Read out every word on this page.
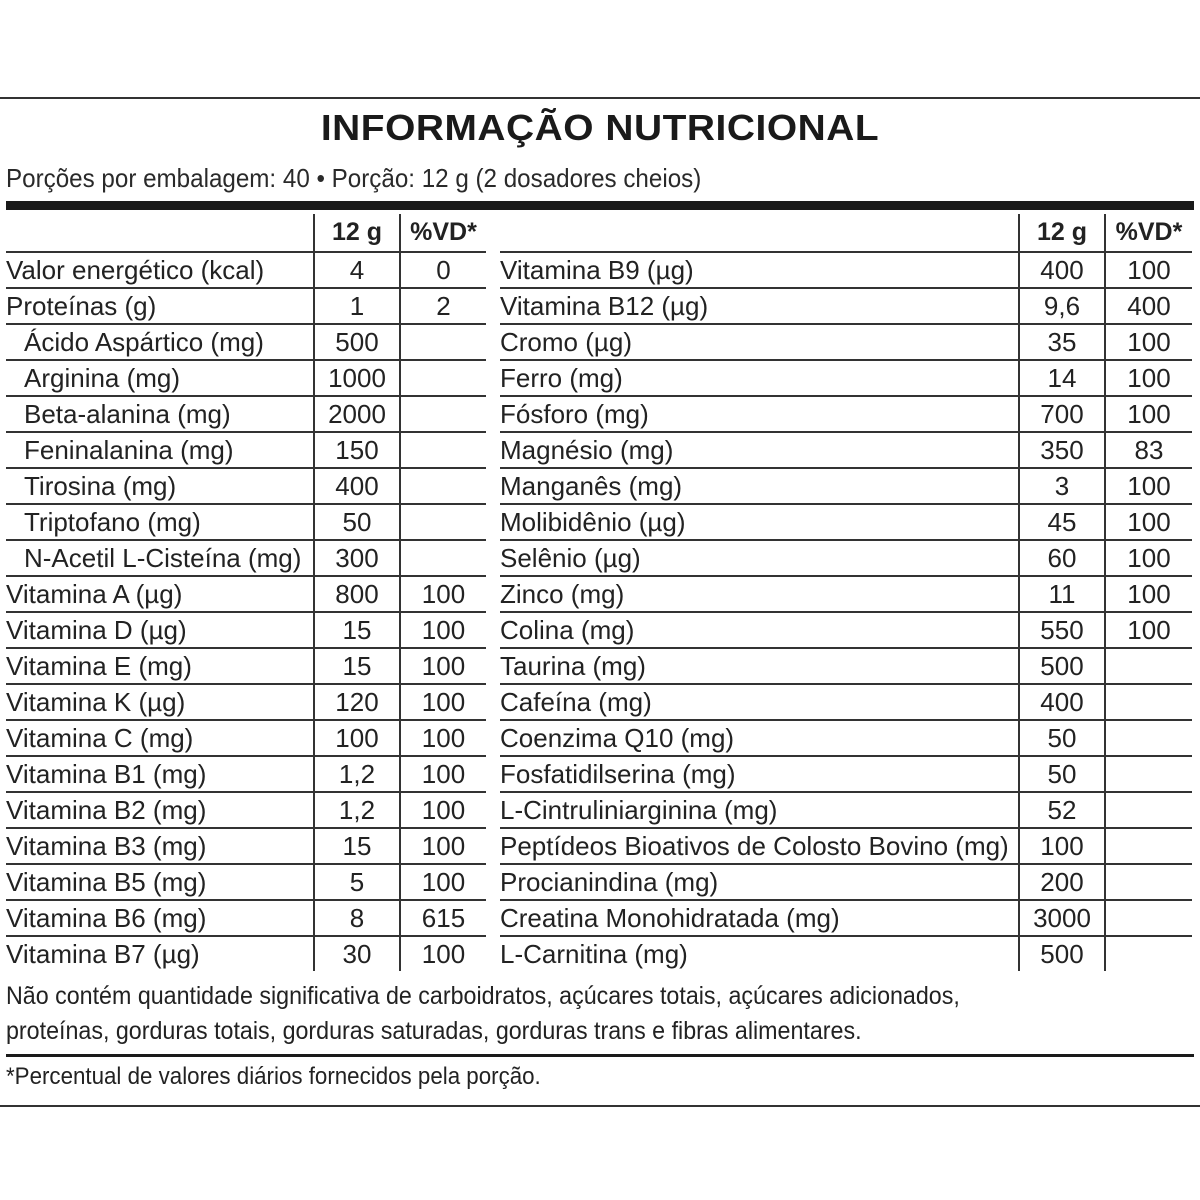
INFORMAÇÃO NUTRICIONAL
Porções por embalagem: 40 • Porção: 12 g (2 dosadores cheios)
	12 g	%VD*
Valor energético (kcal)	4	0
Proteínas (g)	1	2
Ácido Aspártico (mg)	500	
Arginina (mg)	1000	
Beta-alanina (mg)	2000	
Feninalanina (mg)	150	
Tirosina (mg)	400	
Triptofano (mg)	50	
N-Acetil L-Cisteína (mg)	300	
Vitamina A (µg)	800	100
Vitamina D (µg)	15	100
Vitamina E (mg)	15	100
Vitamina K (µg)	120	100
Vitamina C (mg)	100	100
Vitamina B1 (mg)	1,2	100
Vitamina B2 (mg)	1,2	100
Vitamina B3 (mg)	15	100
Vitamina B5 (mg)	5	100
Vitamina B6 (mg)	8	615
Vitamina B7 (µg)	30	100
	12 g	%VD*
Vitamina B9 (µg)	400	100
Vitamina B12 (µg)	9,6	400
Cromo (µg)	35	100
Ferro (mg)	14	100
Fósforo (mg)	700	100
Magnésio (mg)	350	83
Manganês (mg)	3	100
Molibidênio (µg)	45	100
Selênio (µg)	60	100
Zinco (mg)	11	100
Colina (mg)	550	100
Taurina (mg)	500	
Cafeína (mg)	400	
Coenzima Q10 (mg)	50	
Fosfatidilserina (mg)	50	
L-Cintruliniarginina (mg)	52	
Peptídeos Bioativos de Colosto Bovino (mg)	100	
Procianindina (mg)	200	
Creatina Monohidratada (mg)	3000	
L-Carnitina (mg)	500	
Não contém quantidade significativa de carboidratos, açúcares totais, açúcares adicionados,
proteínas, gorduras totais, gorduras saturadas, gorduras trans e fibras alimentares.
*Percentual de valores diários fornecidos pela porção.
